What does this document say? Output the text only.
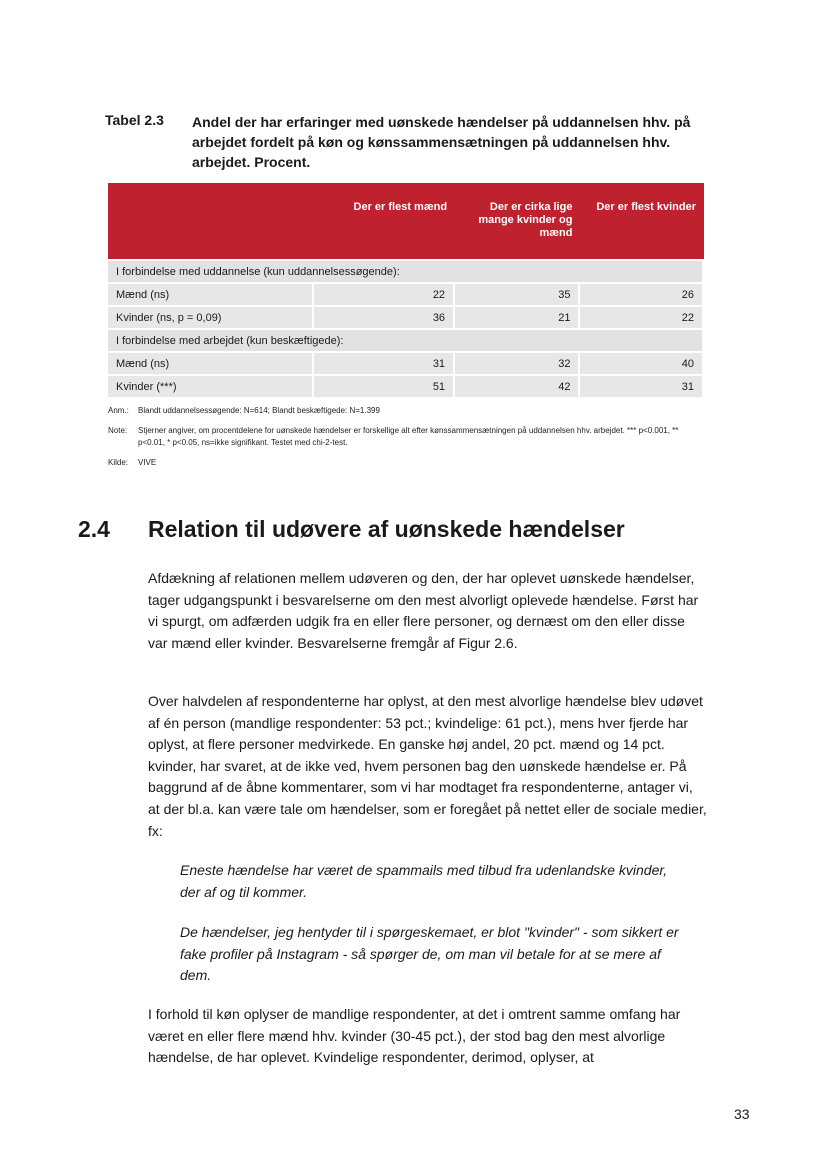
Tabel 2.3 Andel der har erfaringer med uønskede hændelser på uddannelsen hhv. på arbejdet fordelt på køn og kønssammensætningen på uddannelsen hhv. arbejdet. Procent.
	Der er flest mænd	Der er cirka lige mange kvinder og mænd	Der er flest kvinder

I forbindelse med uddannelse (kun uddannelsessøgende):			
Mænd (ns)	22	35	26
Kvinder (ns, p = 0,09)	36	21	22
I forbindelse med arbejdet (kun beskæftigede):			
Mænd (ns)	31	32	40
Kvinder (***)	51	42	31
Anm.:	Blandt uddannelsessøgende: N=614; Blandt beskæftigede: N=1.399
Note:	Stjerner angiver, om procentdelene for uønskede hændelser er forskellige alt efter kønssammensætningen på uddannelsen hhv. arbejdet. *** p<0.001, ** p<0.01, * p<0.05, ns=ikke signifikant. Testet med chi-2-test.
Kilde:	VIVE
2.4 Relation til udøvere af uønskede hændelser
Afdækning af relationen mellem udøveren og den, der har oplevet uønskede hændelser, tager udgangspunkt i besvarelserne om den mest alvorligt oplevede hændelse. Først har vi spurgt, om adfærden udgik fra en eller flere personer, og dernæst om den eller disse var mænd eller kvinder. Besvarelserne fremgår af Figur 2.6.
Over halvdelen af respondenterne har oplyst, at den mest alvorlige hændelse blev udøvet af én person (mandlige respondenter: 53 pct.; kvindelige: 61 pct.), mens hver fjerde har oplyst, at flere personer medvirkede. En ganske høj andel, 20 pct. mænd og 14 pct. kvinder, har svaret, at de ikke ved, hvem personen bag den uønskede hændelse er. På baggrund af de åbne kommentarer, som vi har modtaget fra respondenterne, antager vi, at der bl.a. kan være tale om hændelser, som er foregået på nettet eller de sociale medier, fx:
Eneste hændelse har været de spammails med tilbud fra udenlandske kvinder, der af og til kommer.
De hændelser, jeg hentyder til i spørgeskemaet, er blot "kvinder" - som sikkert er fake profiler på Instagram - så spørger de, om man vil betale for at se mere af dem.
I forhold til køn oplyser de mandlige respondenter, at det i omtrent samme omfang har været en eller flere mænd hhv. kvinder (30-45 pct.), der stod bag den mest alvorlige hændelse, de har oplevet. Kvindelige respondenter, derimod, oplyser, at
33
